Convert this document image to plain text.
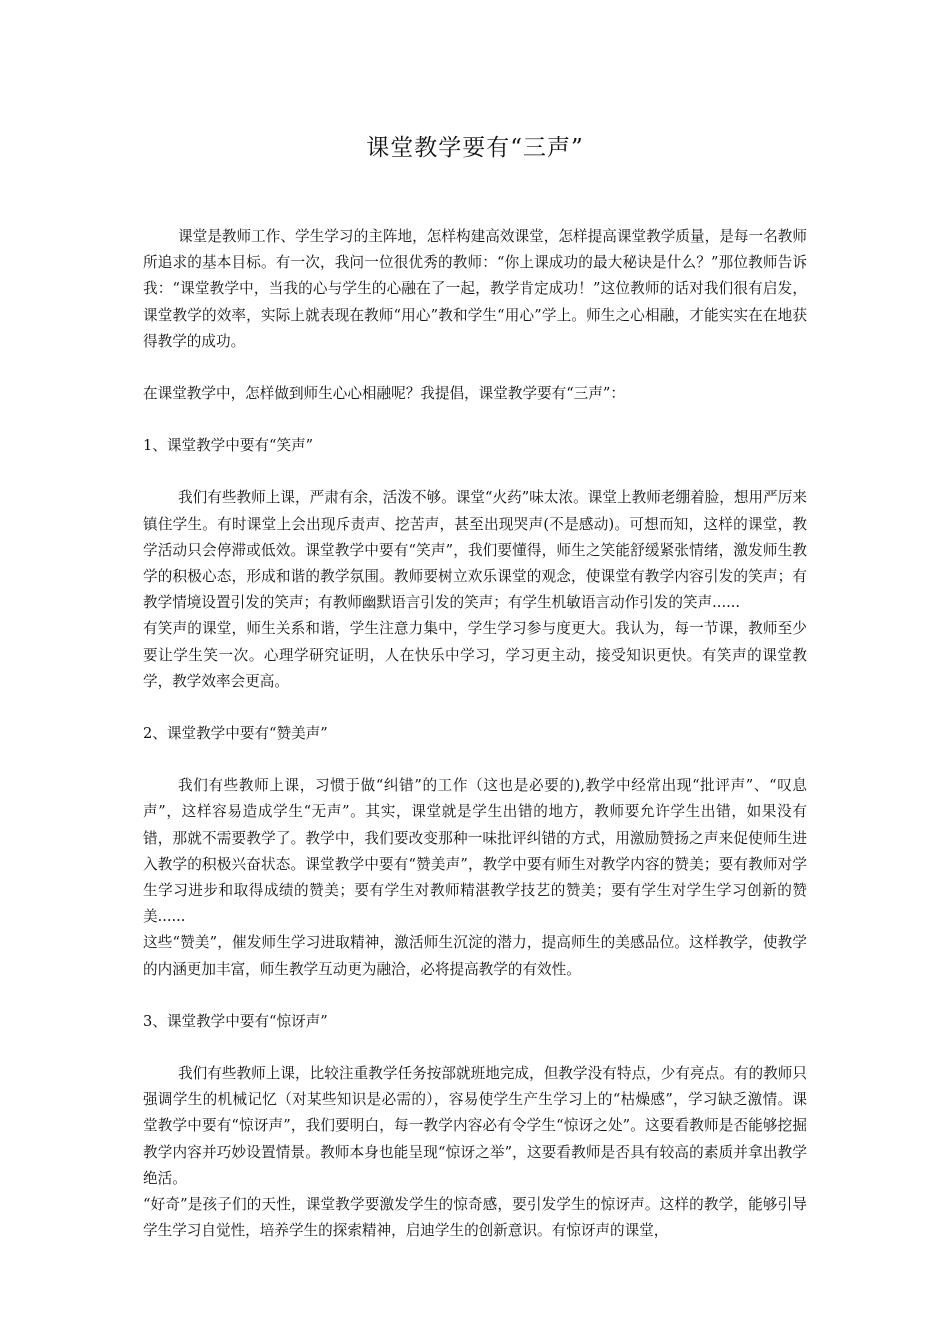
课堂教学要有“三声”

课堂是教师工作、学生学习的主阵地，怎样构建高效课堂，怎样提高课堂教学质量，是每一名教师所追求的基本目标。有一次，我问一位很优秀的教师：“你上课成功的最大秘诀是什么？”那位教师告诉我：“课堂教学中，当我的心与学生的心融在了一起，教学肯定成功！”这位教师的话对我们很有启发，课堂教学的效率，实际上就表现在教师“用心”教和学生“用心”学上。师生之心相融，才能实实在在地获得教学的成功。

在课堂教学中，怎样做到师生心心相融呢？我提倡，课堂教学要有“三声”：

1、课堂教学中要有“笑声”

我们有些教师上课，严肃有余，活泼不够。课堂“火药”味太浓。课堂上教师老绷着脸，想用严厉来镇住学生。有时课堂上会出现斥责声、挖苦声，甚至出现哭声(不是感动)。可想而知，这样的课堂，教学活动只会停滞或低效。课堂教学中要有“笑声”，我们要懂得，师生之笑能舒缓紧张情绪，激发师生教学的积极心态，形成和谐的教学氛围。教师要树立欢乐课堂的观念，使课堂有教学内容引发的笑声；有教学情境设置引发的笑声；有教师幽默语言引发的笑声；有学生机敏语言动作引发的笑声......

有笑声的课堂，师生关系和谐，学生注意力集中，学生学习参与度更大。我认为，每一节课，教师至少要让学生笑一次。心理学研究证明，人在快乐中学习，学习更主动，接受知识更快。有笑声的课堂教学，教学效率会更高。

2、课堂教学中要有“赞美声”

我们有些教师上课，习惯于做“纠错”的工作（这也是必要的),教学中经常出现“批评声”、“叹息声”，这样容易造成学生“无声”。其实，课堂就是学生出错的地方，教师要允许学生出错，如果没有错，那就不需要教学了。教学中，我们要改变那种一味批评纠错的方式，用激励赞扬之声来促使师生进入教学的积极兴奋状态。课堂教学中要有“赞美声”，教学中要有师生对教学内容的赞美；要有教师对学生学习进步和取得成绩的赞美；要有学生对教师精湛教学技艺的赞美；要有学生对学生学习创新的赞美......

这些“赞美”，催发师生学习进取精神，激活师生沉淀的潜力，提高师生的美感品位。这样教学，使教学的内涵更加丰富，师生教学互动更为融洽，必将提高教学的有效性。

3、课堂教学中要有“惊讶声”

我们有些教师上课，比较注重教学任务按部就班地完成，但教学没有特点，少有亮点。有的教师只强调学生的机械记忆（对某些知识是必需的），容易使学生产生学习上的“枯燥感”，学习缺乏激情。课堂教学中要有“惊讶声”，我们要明白，每一教学内容必有令学生“惊讶之处”。这要看教师是否能够挖掘教学内容并巧妙设置情景。教师本身也能呈现“惊讶之举”，这要看教师是否具有较高的素质并拿出教学绝活。

“好奇”是孩子们的天性，课堂教学要激发学生的惊奇感，要引发学生的惊讶声。这样的教学，能够引导学生学习自觉性，培养学生的探索精神，启迪学生的创新意识。有惊讶声的课堂，
